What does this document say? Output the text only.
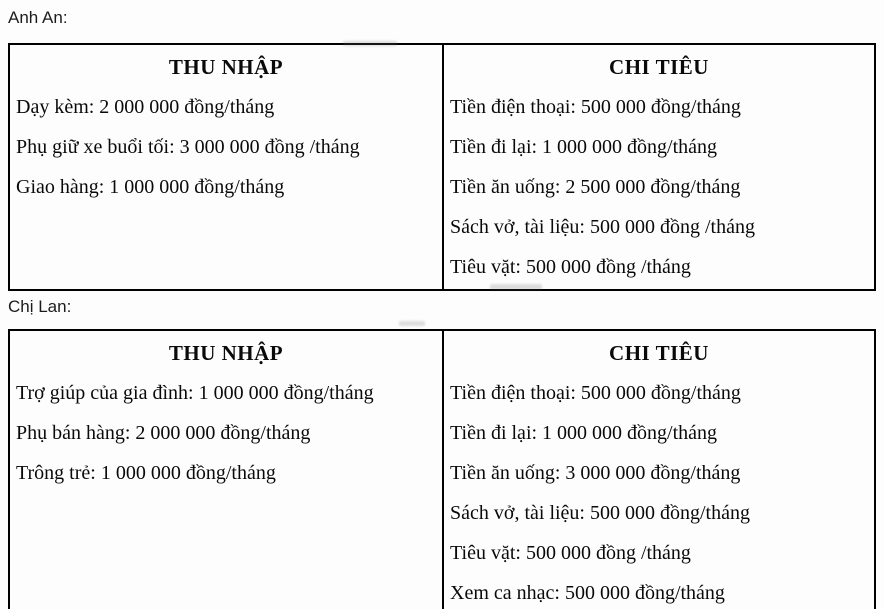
Anh An:
THU NHẬP
Dạy kèm: 2 000 000 đồng/tháng
Phụ giữ xe buổi tối: 3 000 000 đồng /tháng
Giao hàng: 1 000 000 đồng/tháng
CHI TIÊU
Tiền điện thoại: 500 000 đồng/tháng
Tiền đi lại: 1 000 000 đồng/tháng
Tiền ăn uống: 2 500 000 đồng/tháng
Sách vở, tài liệu: 500 000 đồng /tháng
Tiêu vặt: 500 000 đồng /tháng
Chị Lan:
THU NHẬP
Trợ giúp của gia đình: 1 000 000 đồng/tháng
Phụ bán hàng: 2 000 000 đồng/tháng
Trông trẻ: 1 000 000 đồng/tháng
CHI TIÊU
Tiền điện thoại: 500 000 đồng/tháng
Tiền đi lại: 1 000 000 đồng/tháng
Tiền ăn uống: 3 000 000 đồng/tháng
Sách vở, tài liệu: 500 000 đồng/tháng
Tiêu vặt: 500 000 đồng /tháng
Xem ca nhạc: 500 000 đồng/tháng
